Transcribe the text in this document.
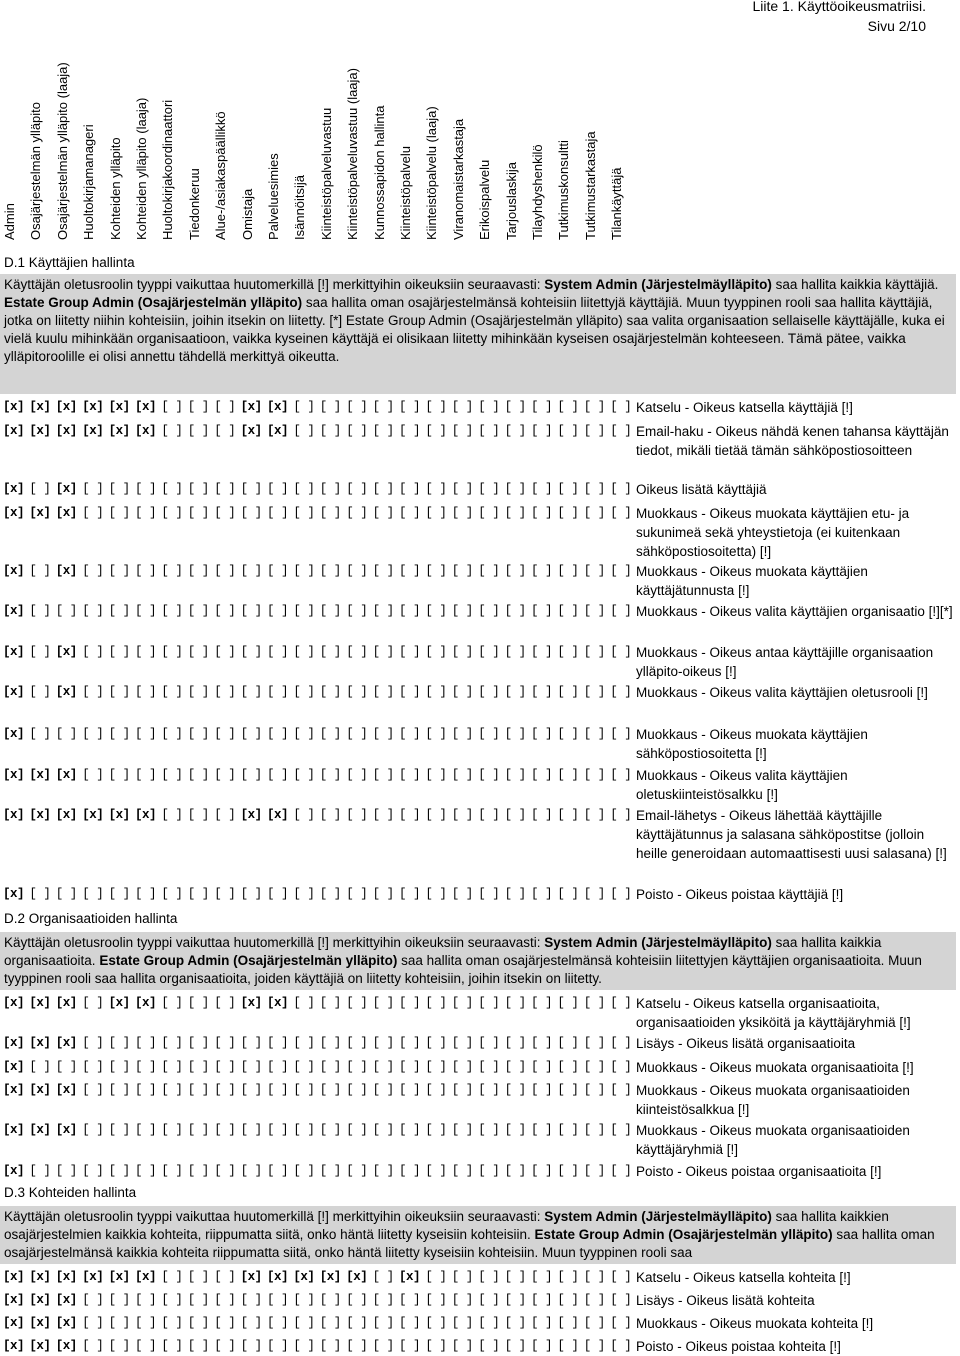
Liite 1. Käyttöoikeusmatriisi.
Sivu 2/10
Admin Osajärjestelmän ylläpito Osajärjestelmän ylläpito (laaja) Huoltokirjamanageri Kohteiden ylläpito Kohteiden ylläpito (laaja) Huoltokirjakoordinaattori Tiedonkeruu Alue-/asiakaspäällikkö Omistaja Palveluesimies Isännöitsijä Kiinteistöpalveluvastuu Kiinteistöpalveluvastuu (laaja) Kunnossapidon hallinta Kiinteistöpalvelu Kiinteistöpalvelu (laaja) Viranomaistarkastaja Erikoispalvelu Tarjouslaskija Tilayhdyshenkilö Tutkimuskonsultti Tutkimustarkastaja Tilankäyttäjä
D.1 Käyttäjien hallinta
Käyttäjän oletusroolin tyyppi vaikuttaa huutomerkillä [!] merkittyihin oikeuksiin seuraavasti: System Admin (Järjestelmäylläpito) saa hallita kaikkia käyttäjiä. Estate Group Admin (Osajärjestelmän ylläpito) saa hallita oman osajärjestelmänsä kohteisiin liitettyjä käyttäjiä. Muun tyyppinen rooli saa hallita käyttäjiä, jotka on liitetty niihin kohteisiin, joihin itsekin on liitetty. [*] Estate Group Admin (Osajärjestelmän ylläpito) saa valita organisaation sellaiselle käyttäjälle, kuka ei vielä kuulu mihinkään organisaatioon, vaikka kyseinen käyttäjä ei olisikaan liitetty mihinkään kyseisen osajärjestelmän kohteeseen. Tämä pätee, vaikka ylläpitoroolille ei olisi annettu tähdellä merkittyä oikeutta.
[x] [x] [x] [x] [x] [x] [ ] [ ] [ ] [x] [x] [ ] [ ] [ ] [ ] [ ] [ ] [ ] [ ] [ ] [ ] [ ] [ ] [ ] Katselu - Oikeus katsella käyttäjiä [!]
[x] [x] [x] [x] [x] [x] [ ] [ ] [ ] [x] [x] [ ] [ ] [ ] [ ] [ ] [ ] [ ] [ ] [ ] [ ] [ ] [ ] [ ] Email-haku - Oikeus nähdä kenen tahansa käyttäjän tiedot, mikäli tietää tämän sähköpostiosoitteen
[x] [ ] [x] [ ] [ ] [ ] [ ] [ ] [ ] [ ] [ ] [ ] [ ] [ ] [ ] [ ] [ ] [ ] [ ] [ ] [ ] [ ] [ ] [ ] Oikeus lisätä käyttäjiä
[x] [x] [x] [ ] [ ] [ ] [ ] [ ] [ ] [ ] [ ] [ ] [ ] [ ] [ ] [ ] [ ] [ ] [ ] [ ] [ ] [ ] [ ] [ ] Muokkaus - Oikeus muokata käyttäjien etu- ja sukunimeä sekä yhteystietoja (ei kuitenkaan sähköpostiosoitetta) [!]
[x] [ ] [x] [ ] [ ] [ ] [ ] [ ] [ ] [ ] [ ] [ ] [ ] [ ] [ ] [ ] [ ] [ ] [ ] [ ] [ ] [ ] [ ] [ ] Muokkaus - Oikeus muokata käyttäjien käyttäjätunnusta [!]
[x] [ ] [ ] [ ] [ ] [ ] [ ] [ ] [ ] [ ] [ ] [ ] [ ] [ ] [ ] [ ] [ ] [ ] [ ] [ ] [ ] [ ] [ ] [ ] Muokkaus - Oikeus valita käyttäjien organisaatio [!][*]
[x] [ ] [x] [ ] [ ] [ ] [ ] [ ] [ ] [ ] [ ] [ ] [ ] [ ] [ ] [ ] [ ] [ ] [ ] [ ] [ ] [ ] [ ] [ ] Muokkaus - Oikeus antaa käyttäjille organisaation ylläpito-oikeus [!]
[x] [ ] [x] [ ] [ ] [ ] [ ] [ ] [ ] [ ] [ ] [ ] [ ] [ ] [ ] [ ] [ ] [ ] [ ] [ ] [ ] [ ] [ ] [ ] Muokkaus - Oikeus valita käyttäjien oletusrooli [!]
[x] [ ] [ ] [ ] [ ] [ ] [ ] [ ] [ ] [ ] [ ] [ ] [ ] [ ] [ ] [ ] [ ] [ ] [ ] [ ] [ ] [ ] [ ] [ ] Muokkaus - Oikeus muokata käyttäjien sähköpostiosoitetta [!]
[x] [x] [x] [ ] [ ] [ ] [ ] [ ] [ ] [ ] [ ] [ ] [ ] [ ] [ ] [ ] [ ] [ ] [ ] [ ] [ ] [ ] [ ] [ ] Muokkaus - Oikeus valita käyttäjien oletuskiinteistösalkku [!]
[x] [x] [x] [x] [x] [x] [ ] [ ] [ ] [x] [x] [ ] [ ] [ ] [ ] [ ] [ ] [ ] [ ] [ ] [ ] [ ] [ ] [ ] Email-lähetys - Oikeus lähettää käyttäjille käyttäjätunnus ja salasana sähköpostitse (jolloin heille generoidaan automaattisesti uusi salasana) [!]
[x] [ ] [ ] [ ] [ ] [ ] [ ] [ ] [ ] [ ] [ ] [ ] [ ] [ ] [ ] [ ] [ ] [ ] [ ] [ ] [ ] [ ] [ ] [ ] Poisto - Oikeus poistaa käyttäjiä [!]
D.2 Organisaatioiden hallinta
Käyttäjän oletusroolin tyyppi vaikuttaa huutomerkillä [!] merkittyihin oikeuksiin seuraavasti: System Admin (Järjestelmäylläpito) saa hallita kaikkia organisaatioita. Estate Group Admin (Osajärjestelmän ylläpito) saa hallita oman osajärjestelmänsä kohteisiin liitettyjen käyttäjien organisaatioita. Muun tyyppinen rooli saa hallita organisaatioita, joiden käyttäjiä on liitetty kohteisiin, joihin itsekin on liitetty.
[x] [x] [x] [ ] [x] [x] [ ] [ ] [ ] [x] [x] [ ] [ ] [ ] [ ] [ ] [ ] [ ] [ ] [ ] [ ] [ ] [ ] [ ] Katselu - Oikeus katsella organisaatioita, organisaatioiden yksiköitä ja käyttäjäryhmiä [!]
[x] [x] [x] [ ] [ ] [ ] [ ] [ ] [ ] [ ] [ ] [ ] [ ] [ ] [ ] [ ] [ ] [ ] [ ] [ ] [ ] [ ] [ ] [ ] Lisäys - Oikeus lisätä organisaatioita
[x] [ ] [ ] [ ] [ ] [ ] [ ] [ ] [ ] [ ] [ ] [ ] [ ] [ ] [ ] [ ] [ ] [ ] [ ] [ ] [ ] [ ] [ ] [ ] Muokkaus - Oikeus muokata organisaatioita [!]
[x] [x] [x] [ ] [ ] [ ] [ ] [ ] [ ] [ ] [ ] [ ] [ ] [ ] [ ] [ ] [ ] [ ] [ ] [ ] [ ] [ ] [ ] [ ] Muokkaus - Oikeus muokata organisaatioiden kiinteistösalkkua [!]
[x] [x] [x] [ ] [ ] [ ] [ ] [ ] [ ] [ ] [ ] [ ] [ ] [ ] [ ] [ ] [ ] [ ] [ ] [ ] [ ] [ ] [ ] [ ] Muokkaus - Oikeus muokata organisaatioiden käyttäjäryhmiä [!]
[x] [ ] [ ] [ ] [ ] [ ] [ ] [ ] [ ] [ ] [ ] [ ] [ ] [ ] [ ] [ ] [ ] [ ] [ ] [ ] [ ] [ ] [ ] [ ] Poisto - Oikeus poistaa organisaatioita [!]
D.3 Kohteiden hallinta
Käyttäjän oletusroolin tyyppi vaikuttaa huutomerkillä [!] merkittyihin oikeuksiin seuraavasti: System Admin (Järjestelmäylläpito) saa hallita kaikkien osajärjestelmien kaikkia kohteita, riippumatta siitä, onko häntä liitetty kyseisiin kohteisiin. Estate Group Admin (Osajärjestelmän ylläpito) saa hallita oman osajärjestelmänsä kaikkia kohteita riippumatta siitä, onko häntä liitetty kyseisiin kohteisiin. Muun tyyppinen rooli saa
[x] [x] [x] [x] [x] [x] [ ] [ ] [ ] [x] [x] [x] [x] [x] [ ] [x] [ ] [ ] [ ] [ ] [ ] [ ] [ ] [ ] Katselu - Oikeus katsella kohteita [!]
[x] [x] [x] [ ] [ ] [ ] [ ] [ ] [ ] [ ] [ ] [ ] [ ] [ ] [ ] [ ] [ ] [ ] [ ] [ ] [ ] [ ] [ ] [ ] Lisäys - Oikeus lisätä kohteita
[x] [x] [x] [ ] [ ] [ ] [ ] [ ] [ ] [ ] [ ] [ ] [ ] [ ] [ ] [ ] [ ] [ ] [ ] [ ] [ ] [ ] [ ] [ ] Muokkaus - Oikeus muokata kohteita [!]
[x] [x] [x] [ ] [ ] [ ] [ ] [ ] [ ] [ ] [ ] [ ] [ ] [ ] [ ] [ ] [ ] [ ] [ ] [ ] [ ] [ ] [ ] [ ] Poisto - Oikeus poistaa kohteita [!]
